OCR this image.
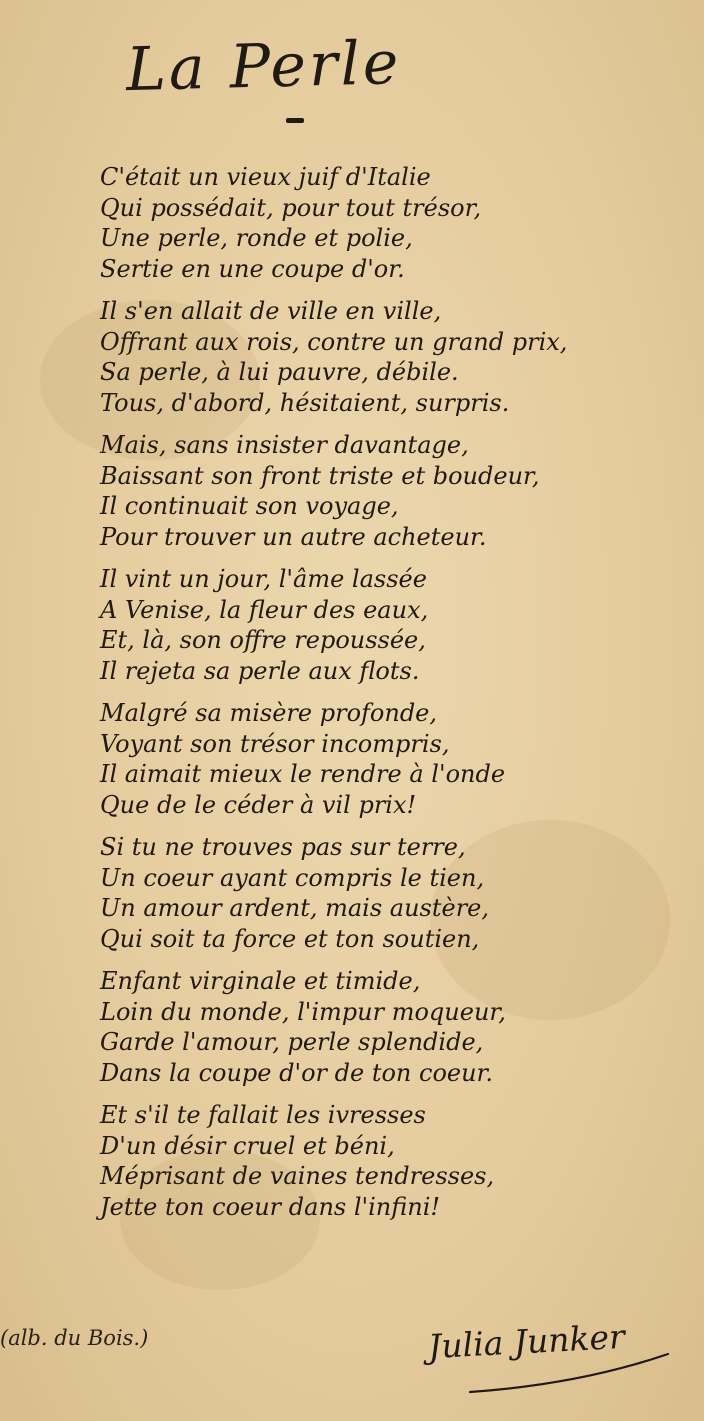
La Perle
C'était un vieux juif d'Italie
Qui possédait, pour tout trésor,
Une perle, ronde et polie,
Sertie en une coupe d'or.
Il s'en allait de ville en ville,
Offrant aux rois, contre un grand prix,
Sa perle, à lui pauvre, débile.
Tous, d'abord, hésitaient, surpris.
Mais, sans insister davantage,
Baissant son front triste et boudeur,
Il continuait son voyage,
Pour trouver un autre acheteur.
Il vint un jour, l'âme lassée
A Venise, la fleur des eaux,
Et, là, son offre repoussée,
Il rejeta sa perle aux flots.
Malgré sa misère profonde,
Voyant son trésor incompris,
Il aimait mieux le rendre à l'onde
Que de le céder à vil prix!
Si tu ne trouves pas sur terre,
Un coeur ayant compris le tien,
Un amour ardent, mais austère,
Qui soit ta force et ton soutien,
Enfant virginale et timide,
Loin du monde, l'impur moqueur,
Garde l'amour, perle splendide,
Dans la coupe d'or de ton coeur.
Et s'il te fallait les ivresses
D'un désir cruel et béni,
Méprisant de vaines tendresses,
Jette ton coeur dans l'infini!
(alb. du Bois.)	Julia Junker
